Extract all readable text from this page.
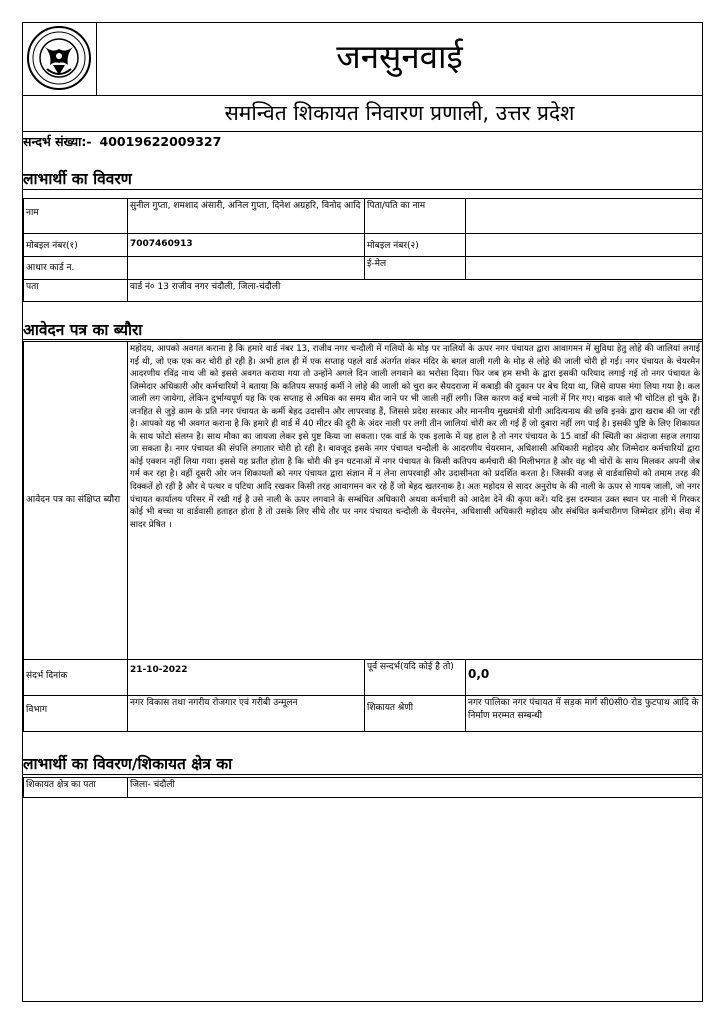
जनसुनवाई
समन्वित शिकायत निवारण प्रणाली, उत्तर प्रदेश
सन्दर्भ संख्या:- 40019622009327
लाभार्थी का विवरण
नाम	सुनील गुप्ता, शमशाद अंसारी, अनिल गुप्ता, दिनेश अग्रहरि, विनोद आदि	पिता/पति का नाम	
मोबइल नंबर(१)	7007460913	मोबइल नंबर(२)	
आधार कार्ड न.		ई-मेल	
पता	वार्ड नं० 13 राजीव नगर चंदौली, जिला-चंदौली		
आवेदन पत्र का ब्यौरा
आवेदन पत्र का संक्षिप्त ब्यौरा	महोदय, आपको अवगत कराना है कि हमारे वार्ड नंबर 13, राजीव नगर चन्दौली में गलियों के मोड़ पर नालियों के ऊपर नगर पंचायत द्वारा आवागमन में सुविधा हेतु लोहे की जालियां लगाई गई थी, जो एक एक कर चोरी हो रही है। अभी हाल ही में एक सप्ताह पहले वार्ड अंतर्गत शंकर मंदिर के बगल वाली गली के मोड़ से लोहे की जाली चोरी हो गई। नगर पंचायत के चेयरमैन आदरणीय रविंद्र नाथ जी को इससे अवगत कराया गया तो उन्होंने अगले दिन जाली लगवाने का भरोसा दिया। फिर जब हम सभी के द्वारा इसकी फरियाद लगाई गई तो नगर पंचायत के जिम्मेदार अधिकारी और कर्मचारियों ने बताया कि कतिपय सफाई कर्मी ने लोहे की जाली को चुरा कर सैयदराजा में कबाड़ी की दुकान पर बेच दिया था, जिसे वापस मंगा लिया गया है। कल जाली लग जायेगा, लेकिन दुर्भाग्यपूर्ण यह कि एक सप्ताह से अधिक का समय बीत जाने पर भी जाली नहीं लगी। जिस कारण कई बच्चे नाली में गिर गए। बाइक वाले भी चोटिल हो चुके हैं। जनहित से जुड़े काम के प्रति नगर पंचायत के कर्मी बेहद उदासीन और लापरवाह हैं, जिससे प्रदेश सरकार और माननीय मुख्यमंत्री योगी आदित्यनाथ की छवि इनके द्वारा खराब की जा रही है। आपको यह भी अवगत कराना है कि हमारे ही वार्ड में 40 मीटर की दूरी के अंदर नाली पर लगी तीन जालियां चोरी कर ली गई हैं जो दुबारा नहीं लग पाई है। इसकी पुष्टि के लिए शिकायत के साथ फोटो संलग्न है। साथ मौका का जायजा लेकर इसे पुष्ट किया जा सकता। एक वार्ड के एक इलाके में यह हाल है तो नगर पंचायत के 15 वार्डों की स्थिती का अंदाजा सहज लगाया जा सकता है। नगर पंचायत की संपत्ति लगातार चोरी हो रही है। बावजूद इसके नगर पंचायत चन्दौली के आदरणीय चेयरमान, अधिशासी अधिकारी महोदय और जिम्मेदार कर्मचारियों द्वारा कोई एक्शन नहीं लिया गया। इससे यह प्रतीत होता है कि चोरी की इन घटनाओं में नगर पंचायत के किसी कतिपय कर्मचारी की मिलीभगत है और वह भी चोरों के साथ मिलकर अपनी जेब गर्म कर रहा है। वहीं दूसरी ओर जन शिकायतों को नगर पंचायत द्वारा संज्ञान में न लेना लापरवाही और उदासीनता को प्रदर्शित करता है। जिसकी वजह से वार्डवासियों को तमाम तरह की दिक्कतें हो रही है और वे पत्थर व पटिया आदि रखकर किसी तरह आवागमन कर रहे हैं जो बेहद खतरनाक है। अतः महोदय से सादर अनुरोध के की नाली के ऊपर से गायब जाली, जो नगर पंचायत कार्यालय परिसर में रखी गई है उसे नाली के ऊपर लगवाने के सम्बंधित अधिकारी अथवा कर्मचारी को आदेश देने की कृपा करें। यदि इस दरम्यान उक्त स्थान पर नाली में गिरकर कोई भी बच्चा या वार्डवासी हताहत होता है तो उसके लिए सीधे तौर पर नगर पंचायत चन्दौली के चैयरमेन, अधिशासी अधिकारी महोदय और संबंधित कर्मचारीगण जिम्मेदार होंगे। सेवा में सादर प्रेषित ।		
संदर्भ दिनांक	21-10-2022	पूर्व सन्दर्भ(यदि कोई है तो)	0,0
विभाग	नगर विकास तथा नगरीय रोजगार एवं गरीबी उन्मूलन	शिकायत श्रेणी	नगर पालिका नगर पंचायत में सड़क मार्ग सी0सी0 रोड फुटपाथ आदि के निर्माण मरम्मत सम्बन्धी
लाभार्थी का विवरण/शिकायत क्षेत्र का
शिकायत क्षेत्र का पता	जिला- चंदौली
